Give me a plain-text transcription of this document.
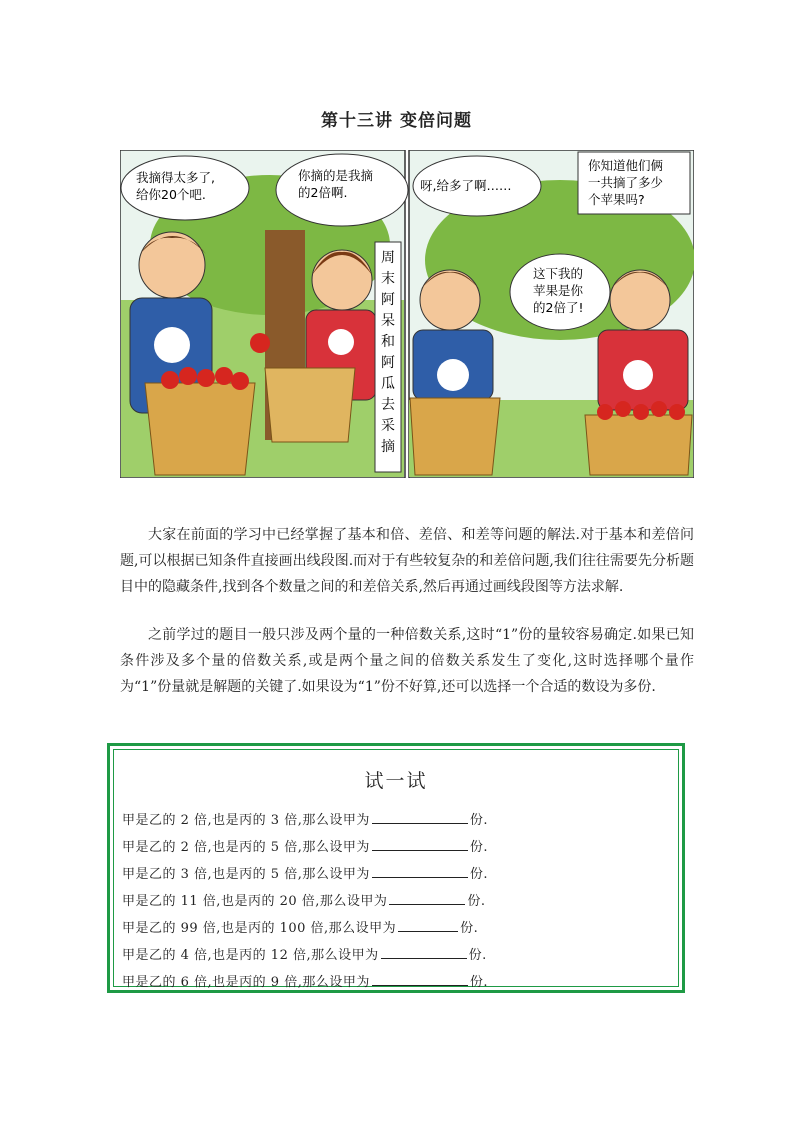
第十三讲 变倍问题
周
末
阿
呆
和
阿
瓜
去
采
摘
我摘得太多了,给你20个吧.
你摘的是我摘的2倍啊.	呀,给多了啊……
你知道他们俩一共摘了多少个苹果吗?
这下我的苹果是你的2倍了!
大家在前面的学习中已经掌握了基本和倍、差倍、和差等问题的解法.对于基本和差倍问题,可以根据已知条件直接画出线段图.而对于有些较复杂的和差倍问题,我们往往需要先分析题目中的隐藏条件,找到各个数量之间的和差倍关系,然后再通过画线段图等方法求解.
之前学过的题目一般只涉及两个量的一种倍数关系,这时“1”份的量较容易确定.如果已知条件涉及多个量的倍数关系,或是两个量之间的倍数关系发生了变化,这时选择哪个量作为“1”份量就是解题的关键了.如果设为“1”份不好算,还可以选择一个合适的数设为多份.
试一试
甲是乙的 2 倍,也是丙的 3 倍,那么设甲为	份.
甲是乙的 2 倍,也是丙的 5 倍,那么设甲为	份.
甲是乙的 3 倍,也是丙的 5 倍,那么设甲为	份.
甲是乙的 11 倍,也是丙的 20 倍,那么设甲为	份.
甲是乙的 99 倍,也是丙的 100 倍,那么设甲为	份.
甲是乙的 4 倍,也是丙的 12 倍,那么设甲为	份.
甲是乙的 6 倍,也是丙的 9 倍,那么设甲为	份.
